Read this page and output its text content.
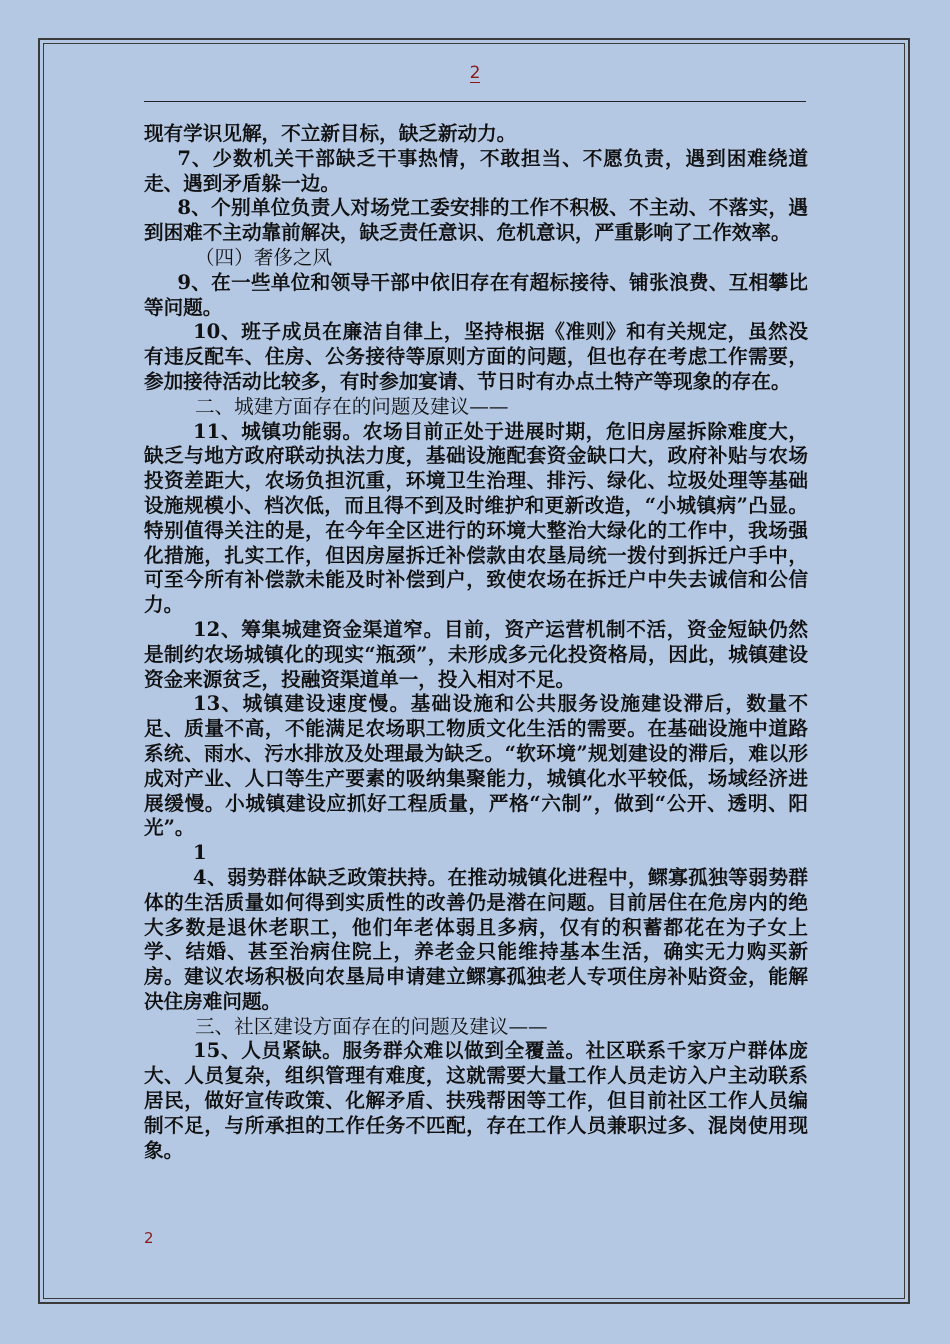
2

现有学识见解，不立新目标，缺乏新动力。

7、少数机关干部缺乏干事热情，不敢担当、不愿负责，遇到困难绕道走、遇到矛盾躲一边。

8、个别单位负责人对场党工委安排的工作不积极、不主动、不落实，遇到困难不主动靠前解决，缺乏责任意识、危机意识，严重影响了工作效率。

（四）奢侈之风

9、在一些单位和领导干部中依旧存在有超标接待、铺张浪费、互相攀比等问题。

10、班子成员在廉洁自律上，坚持根据《准则》和有关规定，虽然没有违反配车、住房、公务接待等原则方面的问题，但也存在考虑工作需要，参加接待活动比较多，有时参加宴请、节日时有办点土特产等现象的存在。

二、城建方面存在的问题及建议——

11、城镇功能弱。农场目前正处于进展时期，危旧房屋拆除难度大，缺乏与地方政府联动执法力度，基础设施配套资金缺口大，政府补贴与农场投资差距大，农场负担沉重，环境卫生治理、排污、绿化、垃圾处理等基础设施规模小、档次低，而且得不到及时维护和更新改造，“小城镇病”凸显。特别值得关注的是，在今年全区进行的环境大整治大绿化的工作中，我场强化措施，扎实工作，但因房屋拆迁补偿款由农垦局统一拨付到拆迁户手中，可至今所有补偿款未能及时补偿到户，致使农场在拆迁户中失去诚信和公信力。

12、筹集城建资金渠道窄。目前，资产运营机制不活，资金短缺仍然是制约农场城镇化的现实“瓶颈”，未形成多元化投资格局，因此，城镇建设资金来源贫乏，投融资渠道单一，投入相对不足。

13、城镇建设速度慢。基础设施和公共服务设施建设滞后，数量不足、质量不高，不能满足农场职工物质文化生活的需要。在基础设施中道路系统、雨水、污水排放及处理最为缺乏。“软环境”规划建设的滞后，难以形成对产业、人口等生产要素的吸纳集聚能力，城镇化水平较低，场域经济进展缓慢。小城镇建设应抓好工程质量，严格“六制”，做到“公开、透明、阳光”。

1

4、弱势群体缺乏政策扶持。在推动城镇化进程中，鳏寡孤独等弱势群体的生活质量如何得到实质性的改善仍是潜在问题。目前居住在危房内的绝大多数是退休老职工，他们年老体弱且多病，仅有的积蓄都花在为子女上学、结婚、甚至治病住院上，养老金只能维持基本生活，确实无力购买新房。建议农场积极向农垦局申请建立鳏寡孤独老人专项住房补贴资金，能解决住房难问题。

三、社区建设方面存在的问题及建议——

15、人员紧缺。服务群众难以做到全覆盖。社区联系千家万户群体庞大、人员复杂，组织管理有难度，这就需要大量工作人员走访入户主动联系居民，做好宣传政策、化解矛盾、扶残帮困等工作，但目前社区工作人员编制不足，与所承担的工作任务不匹配，存在工作人员兼职过多、混岗使用现象。

2
